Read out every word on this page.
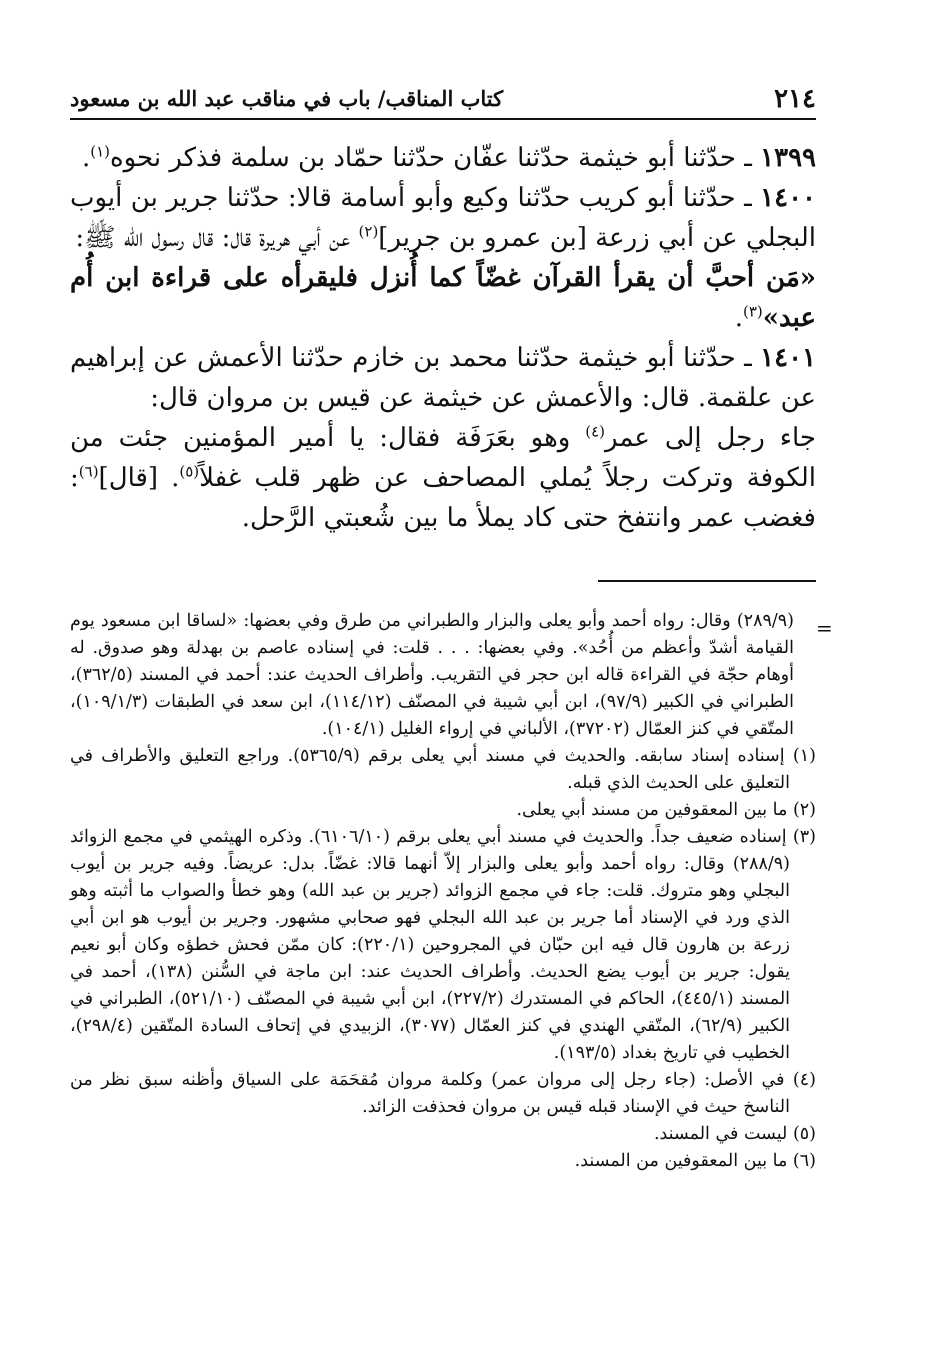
٢١٤
كتاب المناقب/ باب في مناقب عبد الله بن مسعود

١٣٩٩ ـ حدّثنا أبو خيثمة حدّثنا عفّان حدّثنا حمّاد بن سلمة فذكر نحوه$^{(١)}$.

١٤٠٠ ـ حدّثنا أبو كريب حدّثنا وكيع وأبو أسامة قالا: حدّثنا جرير بن أيوب البجلي عن أبي زرعة [بن عمرو بن جرير]$^{(٢)}$ عن أبي هريرة قال: قال رسول الله ﷺ:

«مَن أحبَّ أن يقرأ القرآن غضّاً كما أُنزل فليقرأه على قراءة ابن أُم عبد»$^{(٣)}$.

١٤٠١ ـ حدّثنا أبو خيثمة حدّثنا محمد بن خازم حدّثنا الأعمش عن إبراهيم عن علقمة. قال: والأعمش عن خيثمة عن قيس بن مروان قال:

جاء رجل إلى عمر$^{(٤)}$ وهو بعَرَفَة فقال: يا أمير المؤمنين جئت من الكوفة وتركت رجلاً يُملي المصاحف عن ظهر قلب غفلاً$^{(٥)}$. [قال]$^{(٦)}$: فغضب عمر وانتفخ حتى كاد يملأ ما بين شُعبتي الرَّحل.

=

(٢٨٩/٩) وقال: رواه أحمد وأبو يعلى والبزار والطبراني من طرق وفي بعضها: «لساقا ابن مسعود يوم القيامة أشدّ وأعظم من أُحُد». وفي بعضها: . . . قلت: في إسناده عاصم بن بهدلة وهو صدوق. له أوهام حجّة في القراءة قاله ابن حجر في التقريب. وأطراف الحديث عند: أحمد في المسند (٣٦٢/٥)، الطبراني في الكبير (٩٧/٩)، ابن أبي شيبة في المصنّف (١١٤/١٢)، ابن سعد في الطبقات (١٠٩/١/٣)، المتّقي في كنز العمّال (٣٧٢٠٢)، الألباني في إرواء الغليل (١٠٤/١).

(١) إسناده إسناد سابقه. والحديث في مسند أبي يعلى برقم (٥٣٦٥/٩). وراجع التعليق والأطراف في التعليق على الحديث الذي قبله.

(٢) ما بين المعقوفين من مسند أبي يعلى.

(٣) إسناده ضعيف جداً. والحديث في مسند أبي يعلى برقم (٦١٠٦/١٠). وذكره الهيثمي في مجمع الزوائد (٢٨٨/٩) وقال: رواه أحمد وأبو يعلى والبزار إلاّ أنهما قالا: غضّاً. بدل: عريضاً. وفيه جرير بن أيوب البجلي وهو متروك. قلت: جاء في مجمع الزوائد (جرير بن عبد الله) وهو خطأ والصواب ما أثبته وهو الذي ورد في الإسناد أما جرير بن عبد الله البجلي فهو صحابي مشهور. وجرير بن أيوب هو ابن أبي زرعة بن هارون قال فيه ابن حبّان في المجروحين (٢٢٠/١): كان ممّن فحش خطؤه وكان أبو نعيم يقول: جرير بن أيوب يضع الحديث. وأطراف الحديث عند: ابن ماجة في السُّنن (١٣٨)، أحمد في المسند (٤٤٥/١)، الحاكم في المستدرك (٢٢٧/٢)، ابن أبي شيبة في المصنّف (٥٢١/١٠)، الطبراني في الكبير (٦٢/٩)، المتّقي الهندي في كنز العمّال (٣٠٧٧)، الزبيدي في إتحاف السادة المتّقين (٢٩٨/٤)، الخطيب في تاريخ بغداد (١٩٣/٥).

(٤) في الأصل: (جاء رجل إلى مروان عمر) وكلمة مروان مُقحَمَة على السياق وأظنه سبق نظر من الناسخ حيث في الإسناد قبله قيس بن مروان فحذفت الزائد.

(٥) ليست في المسند.

(٦) ما بين المعقوفين من المسند.
